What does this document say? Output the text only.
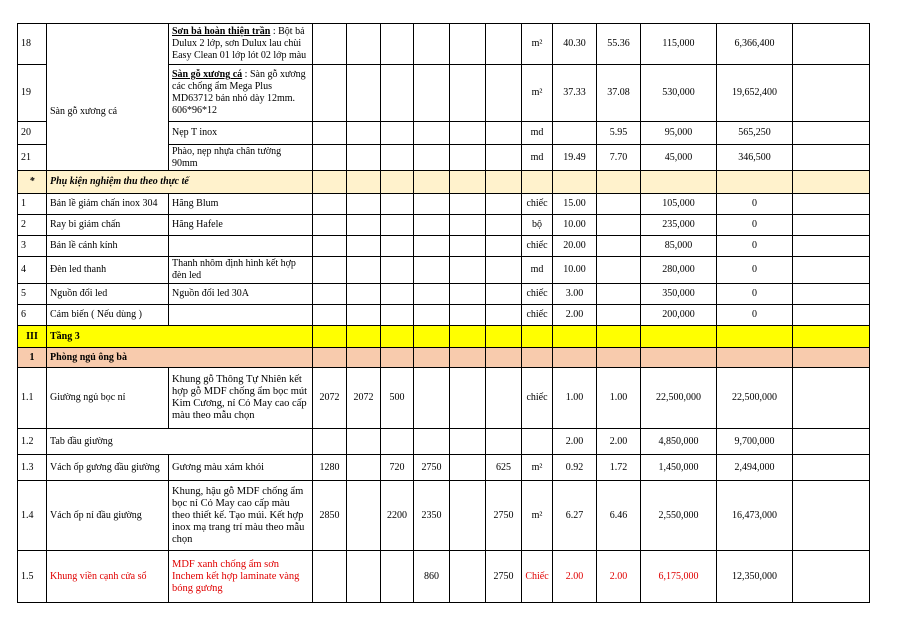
18	Sàn gỗ xương cá	Sơn bả hoàn thiện trần : Bột bả Dulux 2 lớp, sơn Dulux lau chùi Easy Clean 01 lớp lót 02 lớp màu							m²	40.30	55.36	115,000	6,366,400	
19		Sàn gỗ xương cá : Sàn gỗ xương các chống ẩm Mega Plus MD63712 bản nhỏ dày 12mm. 606*96*12							m²	37.33	37.08	530,000	19,652,400	
20		Nẹp T inox							md		5.95	95,000	565,250	
21		Phào, nẹp nhựa chân tường 90mm							md	19.49	7.70	45,000	346,500	
*	Phụ kiện nghiệm thu theo thực tế													
1	Bản lề giảm chấn inox 304	Hãng Blum							chiếc	15.00		105,000	0	
2	Ray bi giảm chấn	Hãng Hafele							bộ	10.00		235,000	0	
3	Bản lề cánh kính								chiếc	20.00		85,000	0	
4	Đèn led thanh	Thanh nhôm định hình kết hợp đèn led							md	10.00		280,000	0	
5	Nguồn đổi led	Nguồn đổi led 30A							chiếc	3.00		350,000	0	
6	Cảm biến ( Nếu dùng )								chiếc	2.00		200,000	0	
III	Tầng 3													
1	Phòng ngủ ông bà													
1.1	Giường ngủ bọc nỉ	Khung gỗ Thông Tự Nhiên kết hợp gỗ MDF chống ẩm bọc mút Kim Cương, nỉ Cỏ May cao cấp màu theo mẫu chọn	2072	2072	500				chiếc	1.00	1.00	22,500,000	22,500,000	
1.2	Tab đầu giường									2.00	2.00	4,850,000	9,700,000	
1.3	Vách ốp gương đầu giường	Gương màu xám khói	1280		720	2750		625	m²	0.92	1.72	1,450,000	2,494,000	
1.4	Vách ốp nỉ đầu giường	Khung, hậu gỗ MDF chống ẩm bọc nỉ Cỏ May cao cấp màu theo thiết kế. Tạo múi. Kết hợp inox mạ trang trí màu theo mẫu chọn	2850		2200	2350		2750	m²	6.27	6.46	2,550,000	16,473,000	
1.5	Khung viền cạnh cửa sổ	MDF xanh chống ẩm sơn Inchem kết hợp laminate vàng bóng gương				860		2750	Chiếc	2.00	2.00	6,175,000	12,350,000	
